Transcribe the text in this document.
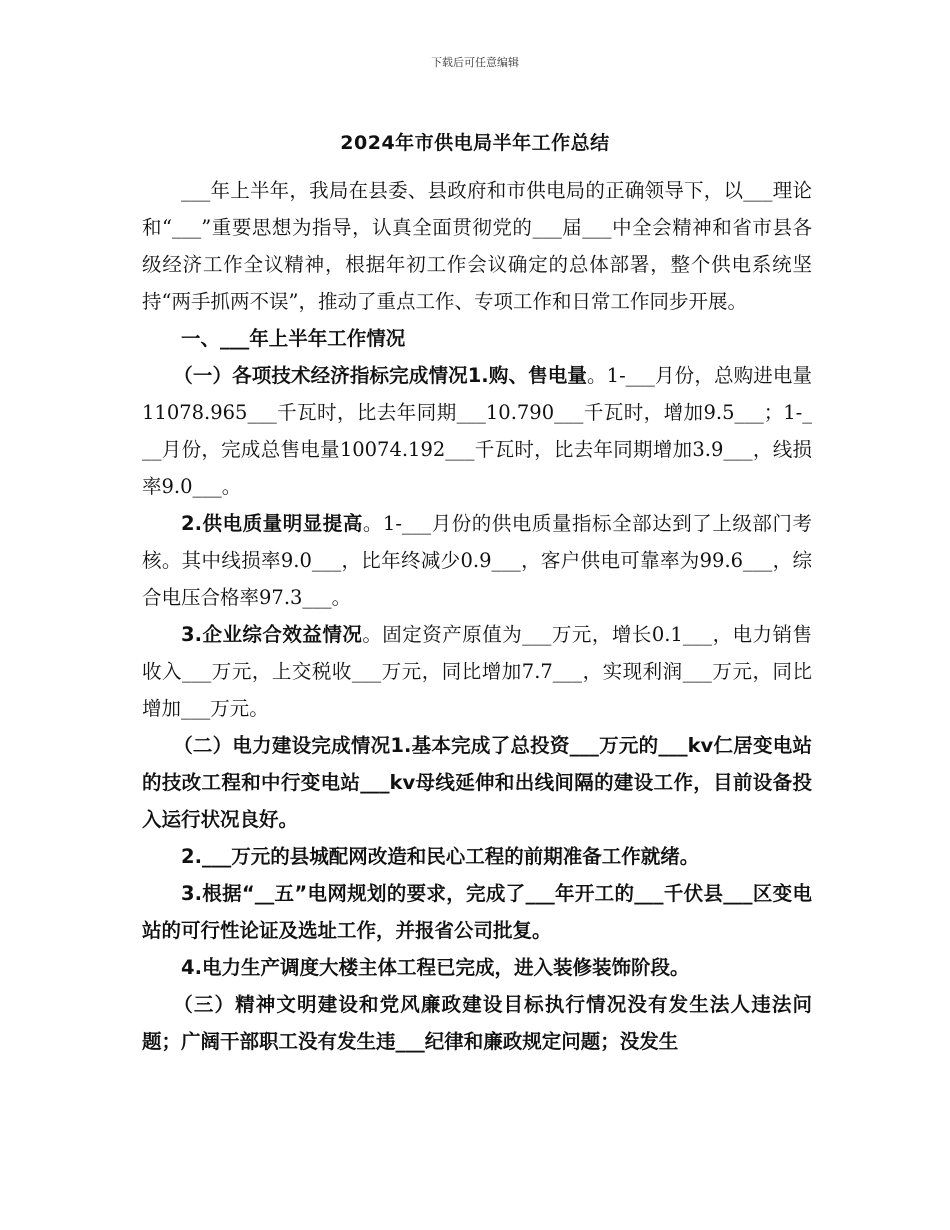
下载后可任意编辑
2024年市供电局半年工作总结

___年上半年，我局在县委、县政府和市供电局的正确领导下，以___理论和“___”重要思想为指导，认真全面贯彻党的___届___中全会精神和省市县各级经济工作全议精神，根据年初工作会议确定的总体部署，整个供电系统坚持“两手抓两不误”，推动了重点工作、专项工作和日常工作同步开展。

一、___年上半年工作情况

（一）各项技术经济指标完成情况1.购、售电量。1-___月份，总购进电量11078.965___千瓦时，比去年同期___10.790___千瓦时，增加9.5___；1-___月份，完成总售电量10074.192___千瓦时，比去年同期增加3.9___，线损率9.0___。

2.供电质量明显提高。1-___月份的供电质量指标全部达到了上级部门考核。其中线损率9.0___，比年终减少0.9___，客户供电可靠率为99.6___，综合电压合格率97.3___。

3.企业综合效益情况。固定资产原值为___万元，增长0.1___，电力销售收入___万元，上交税收___万元，同比增加7.7___，实现利润___万元，同比增加___万元。

（二）电力建设完成情况1.基本完成了总投资___万元的___kv仁居变电站的技改工程和中行变电站___kv母线延伸和出线间隔的建设工作，目前设备投入运行状况良好。

2.___万元的县城配网改造和民心工程的前期准备工作就绪。

3.根据“__五”电网规划的要求，完成了___年开工的___千伏县___区变电站的可行性论证及选址工作，并报省公司批复。

4.电力生产调度大楼主体工程已完成，进入装修装饰阶段。

（三）精神文明建设和党风廉政建设目标执行情况没有发生法人违法问题；广阔干部职工没有发生违___纪律和廉政规定问题；没发生
